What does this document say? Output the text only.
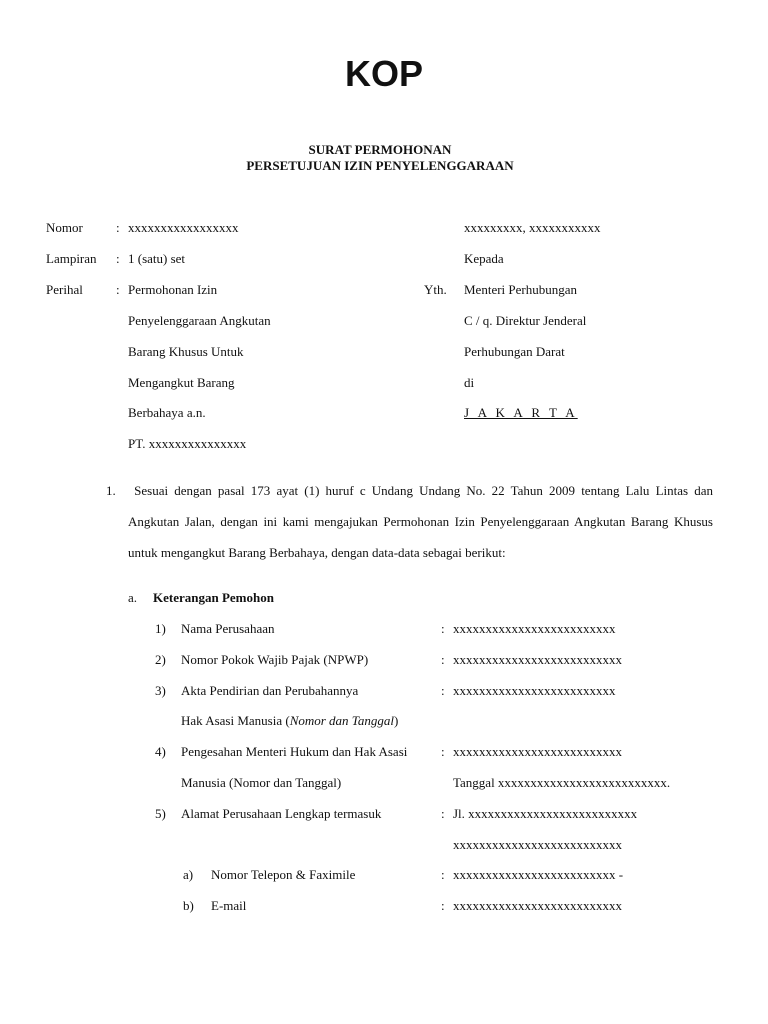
KOP
SURAT PERMOHONAN
PERSETUJUAN IZIN PENYELENGGARAAN
Nomor	: xxxxxxxxxxxxxxxxx
Lampiran : 1 (satu) set
Perihal	: Permohonan Izin
Penyelenggaraan Angkutan
Barang Khusus Untuk
Mengangkut Barang
Berbahaya a.n.
PT. xxxxxxxxxxxxxxx
xxxxxxxxx, xxxxxxxxxxx
Kepada
Yth. Menteri Perhubungan
C / q. Direktur Jenderal
Perhubungan Darat
di
J A K A R T A
1.	Sesuai dengan pasal 173 ayat (1) huruf c Undang Undang No. 22 Tahun 2009 tentang Lalu Lintas dan Angkutan Jalan, dengan ini kami mengajukan Permohonan Izin Penyelenggaraan Angkutan Barang Khusus untuk mengangkut Barang Berbahaya, dengan data-data sebagai berikut:
a. Keterangan Pemohon
1) Nama Perusahaan	: xxxxxxxxxxxxxxxxxxxxxxxxx
2) Nomor Pokok Wajib Pajak (NPWP)	: xxxxxxxxxxxxxxxxxxxxxxxxxx
3) Akta Pendirian dan Perubahannya	: xxxxxxxxxxxxxxxxxxxxxxxxx
Hak Asasi Manusia (Nomor dan Tanggal)
4) Pengesahan Menteri Hukum dan Hak Asasi	: xxxxxxxxxxxxxxxxxxxxxxxxxx
Manusia (Nomor dan Tanggal)	Tanggal xxxxxxxxxxxxxxxxxxxxxxxxxx.
5) Alamat Perusahaan Lengkap termasuk	: Jl. xxxxxxxxxxxxxxxxxxxxxxxxxx
xxxxxxxxxxxxxxxxxxxxxxxxxx
a) Nomor Telepon & Faximile	: xxxxxxxxxxxxxxxxxxxxxxxxx -
b) E-mail	: xxxxxxxxxxxxxxxxxxxxxxxxxx
